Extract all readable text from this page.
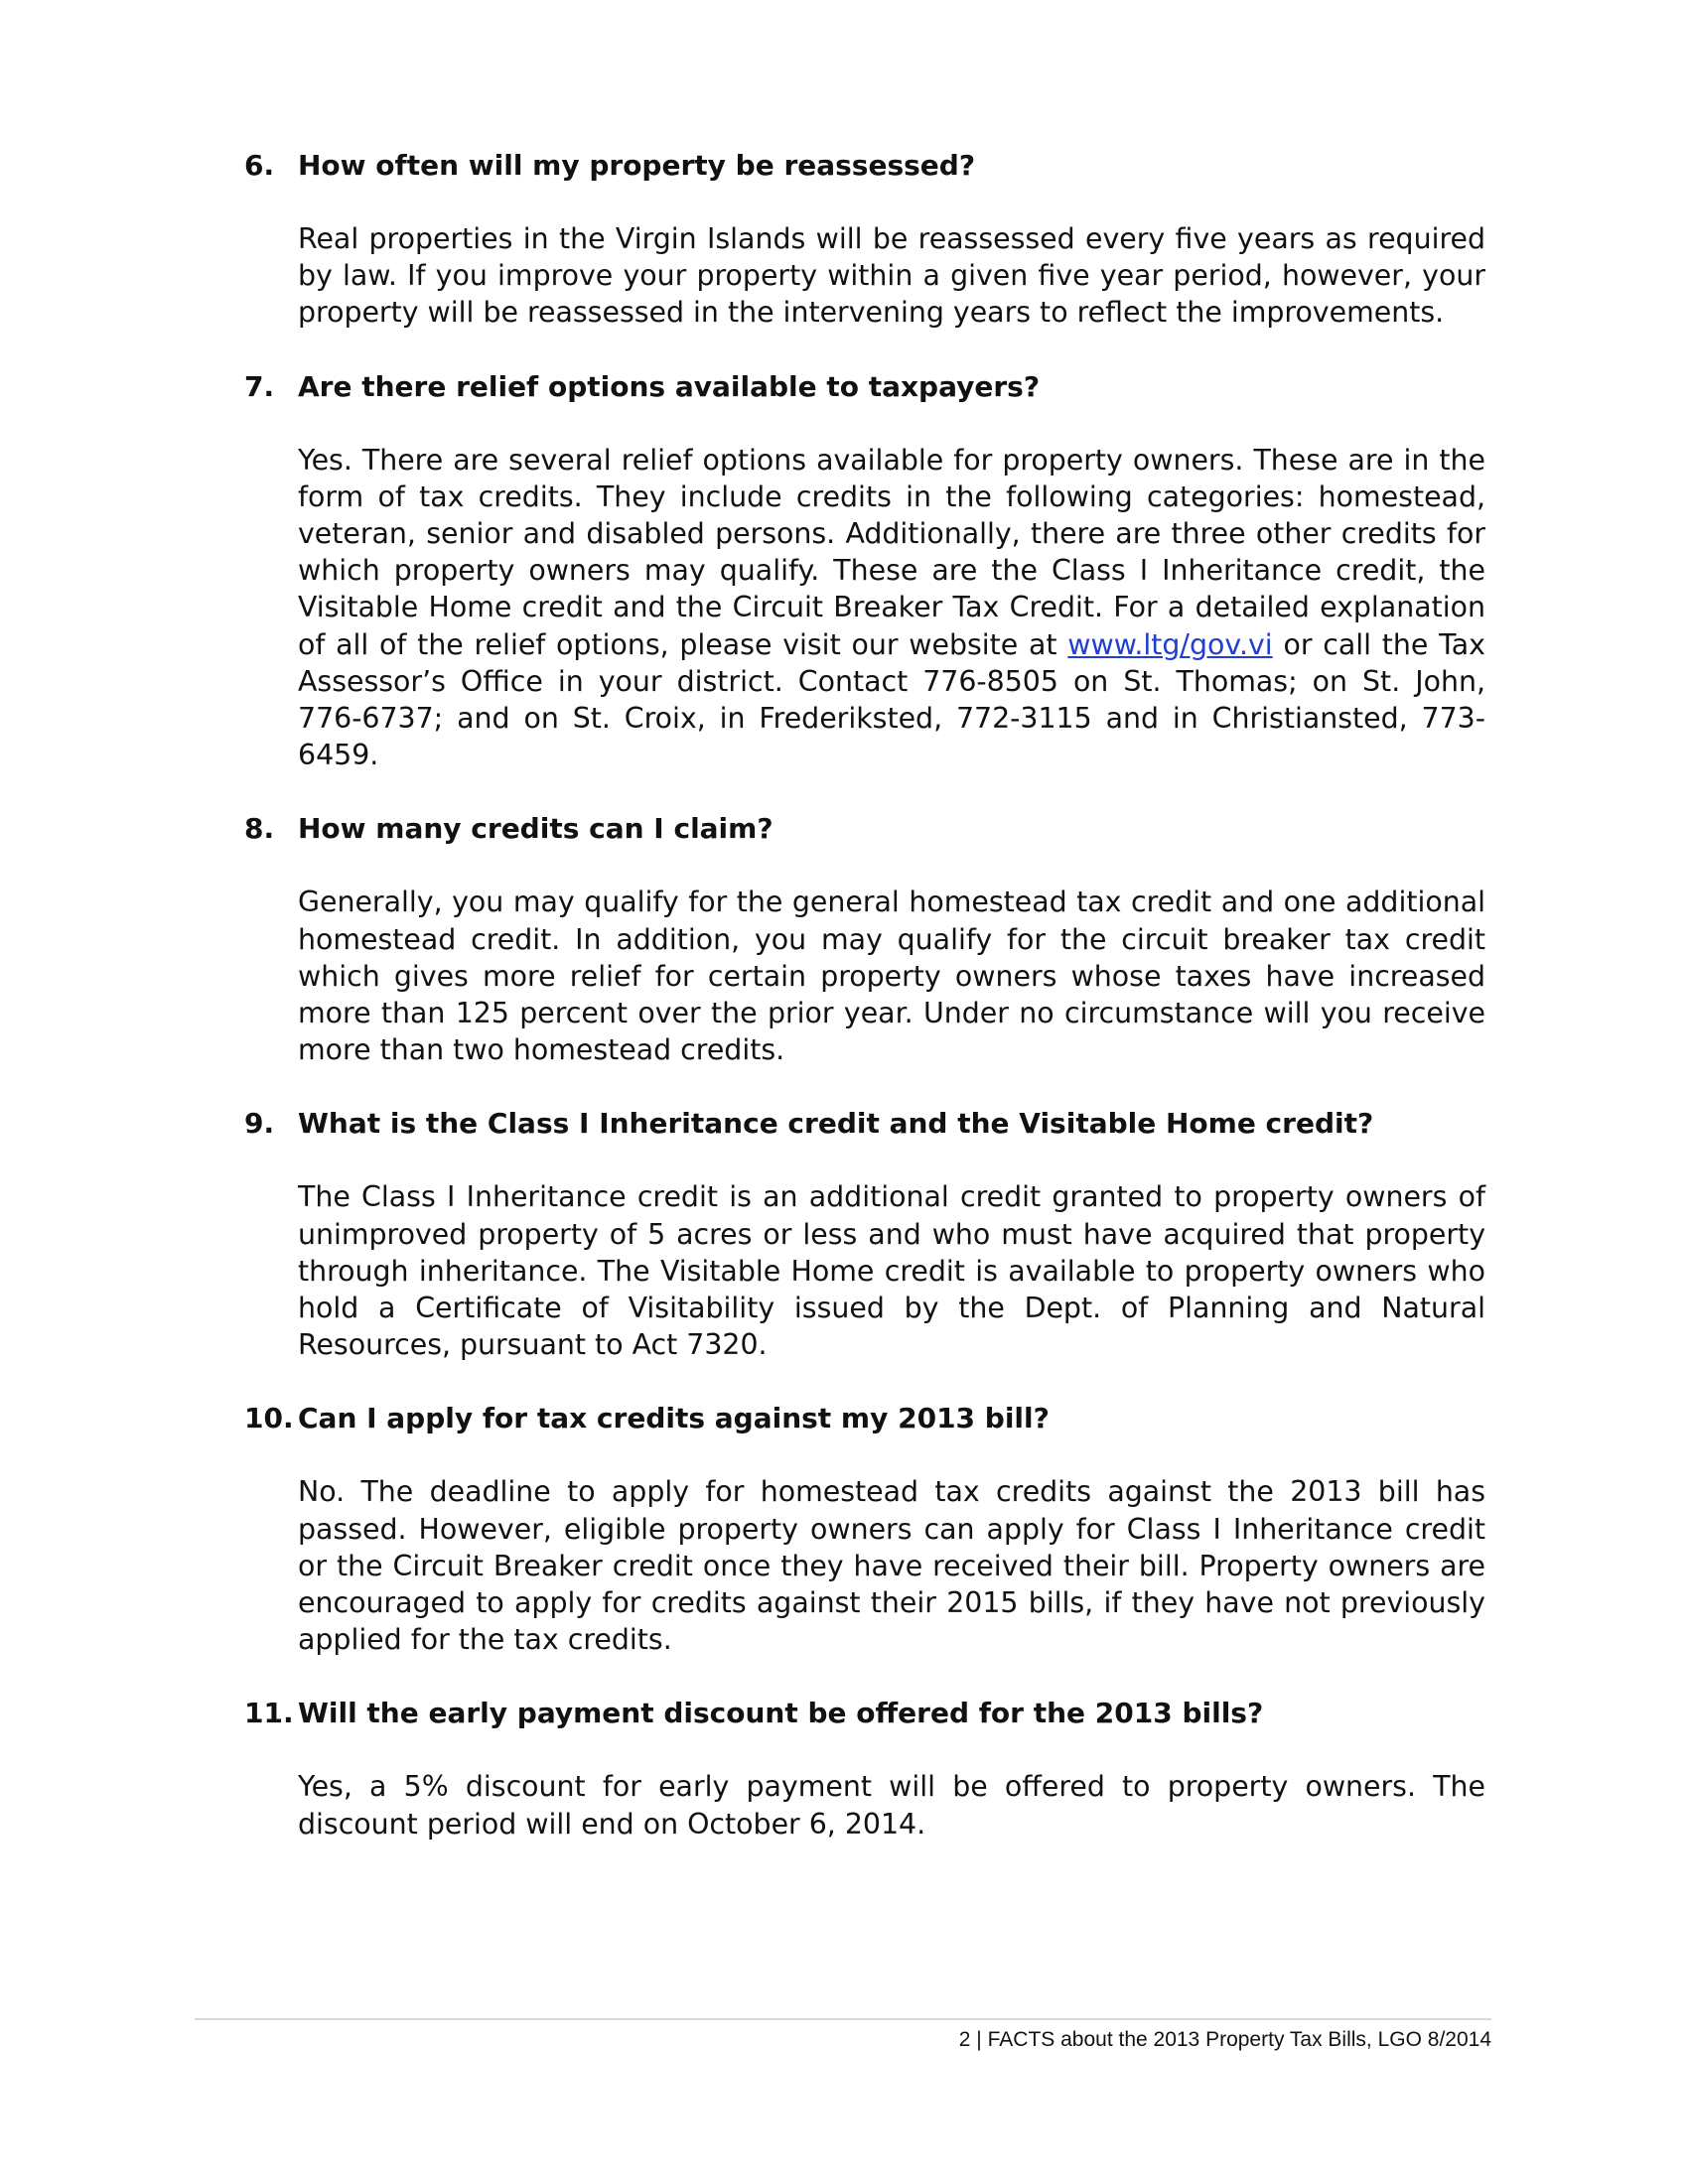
6. How often will my property be reassessed?

Real properties in the Virgin Islands will be reassessed every five years as required by law. If you improve your property within a given five year period, however, your property will be reassessed in the intervening years to reflect the improvements.

7. Are there relief options available to taxpayers?

Yes. There are several relief options available for property owners. These are in the form of tax credits. They include credits in the following categories: homestead, veteran, senior and disabled persons. Additionally, there are three other credits for which property owners may qualify. These are the Class I Inheritance credit, the Visitable Home credit and the Circuit Breaker Tax Credit. For a detailed explanation of all of the relief options, please visit our website at www.ltg/gov.vi or call the Tax Assessor’s Office in your district. Contact 776-8505 on St. Thomas; on St. John, 776-6737; and on St. Croix, in Frederiksted, 772-3115 and in Christiansted, 773-6459.

8. How many credits can I claim?

Generally, you may qualify for the general homestead tax credit and one additional homestead credit. In addition, you may qualify for the circuit breaker tax credit which gives more relief for certain property owners whose taxes have increased more than 125 percent over the prior year. Under no circumstance will you receive more than two homestead credits.

9. What is the Class I Inheritance credit and the Visitable Home credit?

The Class I Inheritance credit is an additional credit granted to property owners of unimproved property of 5 acres or less and who must have acquired that property through inheritance. The Visitable Home credit is available to property owners who hold a Certificate of Visitability issued by the Dept. of Planning and Natural Resources, pursuant to Act 7320.

10. Can I apply for tax credits against my 2013 bill?

No. The deadline to apply for homestead tax credits against the 2013 bill has passed. However, eligible property owners can apply for Class I Inheritance credit or the Circuit Breaker credit once they have received their bill. Property owners are encouraged to apply for credits against their 2015 bills, if they have not previously applied for the tax credits.

11. Will the early payment discount be offered for the 2013 bills?

Yes, a 5% discount for early payment will be offered to property owners. The discount period will end on October 6, 2014.

2 | FACTS about the 2013 Property Tax Bills, LGO 8/2014
